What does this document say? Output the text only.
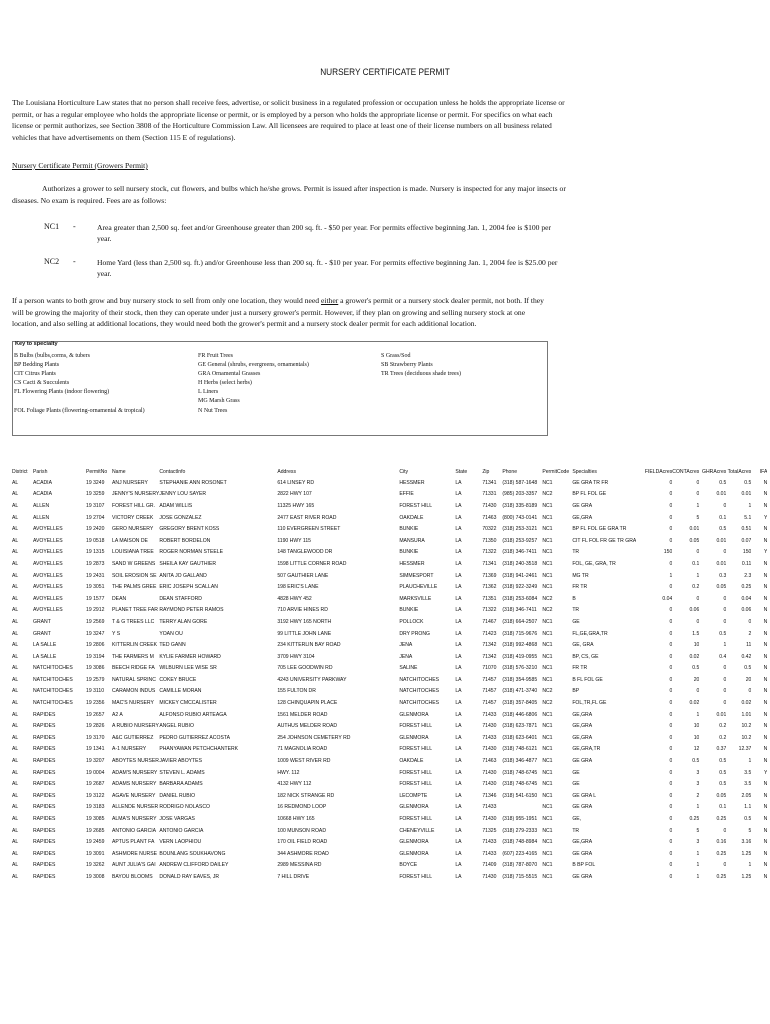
NURSERY CERTIFICATE PERMIT
The Louisiana Horticulture Law states that no person shall receive fees, advertise, or solicit business in a regulated profession or occupation unless he holds the appropriate license or permit, or has a regular employee who holds the appropriate license or permit, or is employed by a person who holds the appropriate license or permit. For specifics on what each license or permit authorizes, see Section 3808 of the Horticulture Commission Law. All licensees are required to place at least one of their license numbers on all business related vehicles that have advertisements on them (Section 115 E of regulations).
Nursery Certificate Permit (Growers Permit)
Authorizes a grower to sell nursery stock, cut flowers, and bulbs which he/she grows. Permit is issued after inspection is made. Nursery is inspected for any major insects or diseases. No exam is required. Fees are as follows:
NC1 -	Area greater than 2,500 sq. feet and/or Greenhouse greater than 200 sq. ft. - $50 per year. For permits effective beginning Jan. 1, 2004 fee is $100 per year.
NC2 -	Home Yard (less than 2,500 sq. ft.) and/or Greenhouse less than 200 sq. ft. - $10 per year. For permits effective beginning Jan. 1, 2004 fee is $25.00 per year.
If a person wants to both grow and buy nursery stock to sell from only one location, they would need either a grower's permit or a nursery stock dealer permit, not both. If they will be growing the majority of their stock, then they can operate under just a nursery grower's permit. However, if they plan on growing and selling nursery stock at one location, and also selling at additional locations, they would need both the grower's permit and a nursery stock dealer permit for each additional location.
Key to specialty
B Bulbs (bulbs,corms, & tubers
BP Bedding Plants
CIT Citrus Plants
CS Cacti & Succulents
FL Flowering Plants (indoor flowering)
FOL Foliage Plants (flowering-ornamental & tropical)
FR Fruit Trees
GE General (shrubs, evergreens, ornamentals)
GRA Ornamental Grasses
H Herbs (select herbs)
L Liners
MG Marsh Grass
N Nut Trees
S Grass/Sod
SB Strawberry Plants
TR Trees (deciduous shade trees)
District	Parish	PermitNo	Name	ContactInfo	Address	City	State	Zip	Phone	PermitCode	Specialties	FIELDAcres	CONTAcres	GHRAcres	TotalAcres	IFA
AL	ACADIA	19 3249	ANJ NURSERY	STEPHANIE ANN ROSONET	614 LINSEY RD	HESSMER	LA	71341	(318) 587-1648	NC1	GE GRA TR FR	0	0	0.5	0.5	N
AL	ACADIA	19 3259	JENNY'S NURSERY	JENNY LOU SAYER	2822 HWY 107	EFFIE	LA	71331	(985) 203-3357	NC2	BP FL FOL GE	0	0	0.01	0.01	N
AL	ALLEN	19 3107	FOREST HILL GR.	ADAM WILLIS	11325 HWY 165	FOREST HILL	LA	71430	(318) 335-8189	NC1	GE GRA	0	1	0	1	N
AL	ALLEN	19 2704	VICTORY CREEK	JOSE GONZALEZ	2477 EAST RIVER ROAD	OAKDALE	LA	71463	(800) 743-0141	NC1	GE,GRA	0	5	0.1	5.1	Y
AL	AVOYELLES	19 2420	GERO NURSERY	GREGORY BRENT KOSS	110 EVERGREEN STREET	BUNKIE	LA	70322	(318) 253-3121	NC1	BP FL FOL GE GRA TR	0	0.01	0.5	0.51	N
AL	AVOYELLES	19 0518	LA MAISON DE	ROBERT BORDELON	1190 HWY 115	MANSURA	LA	71350	(318) 253-9257	NC1	CIT FL FOL FR GE TR GRA	0	0.05	0.01	0.07	N
AL	AVOYELLES	19 1315	LOUISIANA TREE	ROGER NORMAN STEELE	148 TANGLEWOOD DR	BUNKIE	LA	71322	(318) 346-7411	NC1	TR	150	0	0	150	Y
AL	AVOYELLES	19 2873	SAND W GREENS	SHEILA KAY GAUTHIER	1598 LITTLE CORNER ROAD	HESSMER	LA	71341	(318) 240-3518	NC1	FOL, GE, GRA, TR	0	0.1	0.01	0.11	N
AL	AVOYELLES	19 2431	SOIL EROSION SE	ANITA JO GALLAND	507 GAUTHIER LANE	SIMMESPORT	LA	71369	(318) 941-2461	NC1	MG TR	1	1	0.3	2.3	N
AL	AVOYELLES	19 3051	THE PALMS GREE	ERIC JOSEPH SCALLAN	198 ERIC'S LANE	PLAUCHEVILLE	LA	71362	(318) 922-3249	NC1	FR TR	0	0.2	0.05	0.25	N
AL	AVOYELLES	19 1577	DEAN	DEAN STAFFORD	4828 HWY 452	MARKSVILLE	LA	71351	(318) 253-6084	NC2	B	0.04	0	0	0.04	N
AL	AVOYELLES	19 2912	PLANET TREE FAR	RAYMOND PETER RAMOS	710 ARVIE HINES RD	BUNKIE	LA	71322	(318) 346-7411	NC2	TR	0	0.06	0	0.06	N
AL	GRANT	19 2569	T & G TREES LLC	TERRY ALAN GORE	3192 HWY 165 NORTH	POLLOCK	LA	71467	(318) 664-2507	NC1	GE	0	0	0	0	N
AL	GRANT	19 3247	Y S	YOAN OU	99 LITTLE JOHN LANE	DRY PRONG	LA	71423	(318) 715-9676	NC1	FL,GE,GRA,TR	0	1.5	0.5	2	N
AL	LA SALLE	19 2806	KITTERLIN CREEK	TED GANN	234 KITTERLIN BAY ROAD	JENA	LA	71342	(318) 992-4868	NC1	GE, GRA	0	10	1	11	N
AL	LA SALLE	19 3194	THE FARMERS M	KYLIE FARMER HOWARD	3709 HWY 3104	JENA	LA	71342	(318) 419-0955	NC1	BP, CS, GE	0	0.02	0.4	0.42	N
AL	NATCHITOCHES	19 3086	BEECH RIDGE FA	WILBURN LEE WISE SR	705 LEE GOODWIN RD	SALINE	LA	71070	(318) 576-3210	NC1	FR TR	0	0.5	0	0.5	N
AL	NATCHITOCHES	19 2579	NATURAL SPRINC	COKEY BRUCE	4243 UNIVERSITY PARKWAY	NATCHITOCHES	LA	71457	(318) 354-9585	NC1	B FL FOL GE	0	20	0	20	N
AL	NATCHITOCHES	19 3110	CARAMON INDUS	CAMILLE MORAN	155 FULTON DR	NATCHITOCHES	LA	71457	(318) 471-3740	NC2	BP	0	0	0	0	N
AL	NATCHITOCHES	19 2356	MAC'S NURSERY	MICKEY CMCCALISTER	128 CHINQUAPIN PLACE	NATCHITOCHES	LA	71457	(318) 357-8405	NC2	FOL,TR,FL GE	0	0.02	0	0.02	N
AL	RAPIDES	19 2657	A2 A	ALFONSO RUBIO ARTEAGA	1561 MELDER ROAD	GLENMORA	LA	71433	(318) 446-6806	NC1	GE,GRA	0	1	0.01	1.01	N
AL	RAPIDES	19 2826	A RUBIO NURSERY	ANGEL RUBIO	AUTHUS MELDER ROAD	FOREST HILL	LA	71430	(318) 623-7871	NC1	GE,GRA	0	10	0.2	10.2	N
AL	RAPIDES	19 3170	A&C GUTIERREZ	PEDRO GUTIERREZ ACOSTA	254 JOHNSON CEMETERY RD	GLENMORA	LA	71433	(318) 623-6401	NC1	GE,GRA	0	10	0.2	10.2	N
AL	RAPIDES	19 1341	A-1 NURSERY	PHANYAWAN PETCHCHANTERK	71 MAGNOLIA ROAD	FOREST HILL	LA	71430	(318) 748-6121	NC1	GE,GRA,TR	0	12	0.37	12.37	N
AL	RAPIDES	19 3207	ABOYTES NURSER	JAVIER ABOYTES	1009 WEST RIVER RD	OAKDALE	LA	71463	(318) 346-4877	NC1	GE GRA	0	0.5	0.5	1	N
AL	RAPIDES	19 0004	ADAM'S NURSERY	STEVEN L. ADAMS	HWY. 112	FOREST HILL	LA	71430	(318) 748-6745	NC1	GE	0	3	0.5	3.5	Y
AL	RAPIDES	19 2687	ADAMS NURSERY	BARBARA ADAMS	4132 HWY 112	FOREST HILL	LA	71430	(318) 748-6745	NC1	GE	0	3	0.5	3.5	N
AL	RAPIDES	19 3122	AGAVE NURSERY	DANIEL RUBIO	182 NICK STRANGE RD	LECOMPTE	LA	71346	(318) 541-6150	NC1	GE GRA L	0	2	0.05	2.05	N
AL	RAPIDES	19 3183	ALLENDE NURSER	RODRIGO NOLASCO	16 REDMOND LOOP	GLENMORA	LA	71433		NC1	GE GRA	0	1	0.1	1.1	N
AL	RAPIDES	19 3085	ALMA'S NURSERY	JOSE VARGAS	10668 HWY 165	FOREST HILL	LA	71430	(318) 955-1951	NC1	GE,	0	0.25	0.25	0.5	N
AL	RAPIDES	19 2685	ANTONIO GARCIA	ANTONIO GARCIA	100 MUNSON ROAD	CHENEYVILLE	LA	71325	(318) 279-2333	NC1	TR	0	5	0	5	N
AL	RAPIDES	19 2459	APTUS PLANT FA	VERN LAOPHIOU	170 OIL FIELD ROAD	GLENMORA	LA	71433	(318) 748-8984	NC1	GE,GRA	0	3	0.16	3.16	N
AL	RAPIDES	19 3091	ASHMORE NURSE	BOUNLANG SOUKHAVONG	344 ASHMORE ROAD	GLENMORA	LA	71433	(607) 223-4165	NC1	GE GRA	0	1	0.25	1.25	N
AL	RAPIDES	19 3262	AUNT JULIA'S GAI	ANDREW CLIFFORD DAILEY	2989 MESSINA RD	BOYCE	LA	71409	(318) 787-8070	NC1	B BP FOL	0	1	0	1	N
AL	RAPIDES	19 3008	BAYOU BLOOMS	DONALD RAY EAVES, JR	7 HILL DRIVE	FOREST HILL	LA	71430	(318) 715-5515	NC1	GE GRA	0	1	0.25	1.25	N
